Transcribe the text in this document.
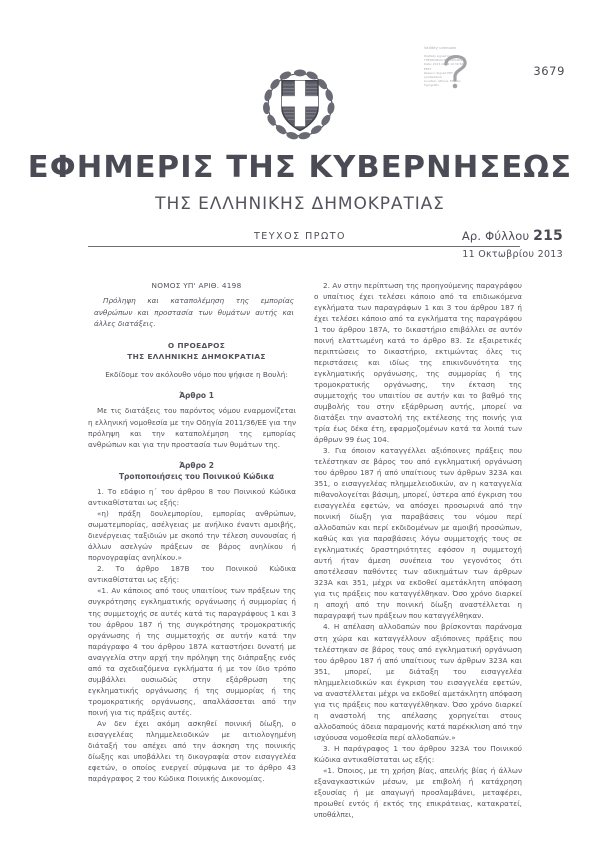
3679
Validity unknown
Digitally signed by
THEODOROS MOUMOURIS
Date: 2013.10.14 10:39:52
EEST
Reason: Signed PDF
(embedded)
Location: Athens, Ethniko
Typografio
ΕΦΗΜΕΡΙΣ ΤΗΣ ΚΥΒΕΡΝΗΣΕΩΣ
ΤΗΣ ΕΛΛΗΝΙΚΗΣ ΔΗΜΟΚΡΑΤΙΑΣ
ΤΕΥΧΟΣ ΠΡΩΤΟ	Αρ. Φύλλου 215
11 Οκτωβρίου 2013

ΝΟΜΟΣ ΥΠ' ΑΡΙΘ. 4198

Πρόληψη και καταπολέμηση της εμπορίας ανθρώπων και προστασία των θυμάτων αυτής και άλλες διατάξεις.

Ο ΠΡΟΕΔΡΟΣ

ΤΗΣ ΕΛΛΗΝΙΚΗΣ ΔΗΜΟΚΡΑΤΙΑΣ

Εκδίδομε τον ακόλουθο νόμο που ψήφισε η Βουλή:

Άρθρο 1

Με τις διατάξεις του παρόντος νόμου εναρμονίζεται η ελληνική νομοθεσία με την Οδηγία 2011/36/ΕΕ για την πρόληψη και την καταπολέμηση της εμπορίας ανθρώπων και για την προστασία των θυμάτων της.

Άρθρο 2

Τροποποιήσεις του Ποινικού Κώδικα

1. Το εδάφιο η΄ του άρθρου 8 του Ποινικού Κώδικα αντικαθίσταται ως εξής:

«η) πράξη δουλεμπορίου, εμπορίας ανθρώπων, σωματεμπορίας, ασέλγειας με ανήλικο έναντι αμοιβής, διενέργειας ταξιδιών με σκοπό την τέλεση συνουσίας ή άλλων ασελγών πράξεων σε βάρος ανηλίκου ή πορνογραφίας ανηλίκου.»

2. Το άρθρο 187Β του Ποινικού Κώδικα αντικαθίσταται ως εξής:

«1. Αν κάποιος από τους υπαιτίους των πράξεων της συγκρότησης εγκληματικής οργάνωσης ή συμμορίας ή της συμμετοχής σε αυτές κατά τις παραγράφους 1 και 3 του άρθρου 187 ή της συγκρότησης τρομοκρατικής οργάνωσης ή της συμμετοχής σε αυτήν κατά την παράγραφο 4 του άρθρου 187Α καταστήσει δυνατή με αναγγελία στην αρχή την πρόληψη της διάπραξης ενός από τα σχεδιαζόμενα εγκλήματα ή με τον ίδιο τρόπο συμβάλλει ουσιωδώς στην εξάρθρωση της εγκληματικής οργάνωσης ή της συμμορίας ή της τρομοκρατικής οργάνωσης, απαλλάσσεται από την ποινή για τις πράξεις αυτές.

Αν δεν έχει ακόμη ασκηθεί ποινική δίωξη, ο εισαγγελέας πλημμελειοδικών με αιτιολογημένη διάταξή του απέχει από την άσκηση της ποινικής δίωξης και υποβάλλει τη δικογραφία στον εισαγγελέα εφετών, ο οποίος ενεργεί σύμφωνα με το άρθρο 43 παράγραφος 2 του Κώδικα Ποινικής Δικονομίας.

2. Αν στην περίπτωση της προηγούμενης παραγράφου ο υπαίτιος έχει τελέσει κάποιο από τα επιδιωκόμενα εγκλήματα των παραγράφων 1 και 3 του άρθρου 187 ή έχει τελέσει κάποιο από τα εγκλήματα της παραγράφου 1 του άρθρου 187Α, το δικαστήριο επιβάλλει σε αυτόν ποινή ελαττωμένη κατά το άρθρο 83. Σε εξαιρετικές περιπτώσεις το δικαστήριο, εκτιμώντας όλες τις περιστάσεις και ιδίως της επικινδυνότητα της εγκληματικής οργάνωσης, της συμμορίας ή της τρομοκρατικής οργάνωσης, την έκταση της συμμετοχής του υπαιτίου σε αυτήν και το βαθμό της συμβολής του στην εξάρθρωση αυτής, μπορεί να διατάξει την αναστολή της εκτέλεσης της ποινής για τρία έως δέκα έτη, εφαρμοζομένων κατά τα λοιπά των άρθρων 99 έως 104.

3. Για όποιον καταγγέλλει αξιόποινες πράξεις που τελέστηκαν σε βάρος του από εγκληματική οργάνωση του άρθρου 187 ή από υπαίτιους των άρθρων 323Α και 351, ο εισαγγελέας πλημμελειοδικών, αν η καταγγελία πιθανολογείται βάσιμη, μπορεί, ύστερα από έγκριση του εισαγγελέα εφετών, να απόσχει προσωρινά από την ποινική δίωξη για παραβάσεις του νόμου περί αλλοδαπών και περί εκδιδομένων με αμοιβή προσώπων, καθώς και για παραβάσεις λόγω συμμετοχής τους σε εγκληματικές δραστηριότητες εφόσον η συμμετοχή αυτή ήταν άμεση συνέπεια του γεγονότος ότι αποτέλεσαν παθόντες των αδικημάτων των άρθρων 323Α και 351, μέχρι να εκδοθεί αμετάκλητη απόφαση για τις πράξεις που καταγγέλθηκαν. Όσο χρόνο διαρκεί η αποχή από την ποινική δίωξη αναστέλλεται η παραγραφή των πράξεων που καταγγέλθηκαν.

4. Η απέλαση αλλοδαπών που βρίσκονται παράνομα στη χώρα και καταγγέλλουν αξιόποινες πράξεις που τελέστηκαν σε βάρος τους από εγκληματική οργάνωση του άρθρου 187 ή από υπαίτιους των άρθρων 323Α και 351, μπορεί, με διάταξη του εισαγγελέα πλημμελειοδικών και έγκριση του εισαγγελέα εφετών, να αναστέλλεται μέχρι να εκδοθεί αμετάκλητη απόφαση για τις πράξεις που καταγγέλθηκαν. Όσο χρόνο διαρκεί η αναστολή της απέλασης χορηγείται στους αλλοδαπούς άδεια παραμονής κατά παρέκκλιση από την ισχύουσα νομοθεσία περί αλλοδαπών.»

3. Η παράγραφος 1 του άρθρου 323Α του Ποινικού Κώδικα αντικαθίσταται ως εξής:

«1. Όποιος, με τη χρήση βίας, απειλής βίας ή άλλων εξαναγκαστικών μέσων, με επιβολή ή κατάχρηση εξουσίας ή με απαγωγή προσλαμβάνει, μεταφέρει, προωθεί εντός ή εκτός της επικράτειας, κατακρατεί, υποθάλπει,
